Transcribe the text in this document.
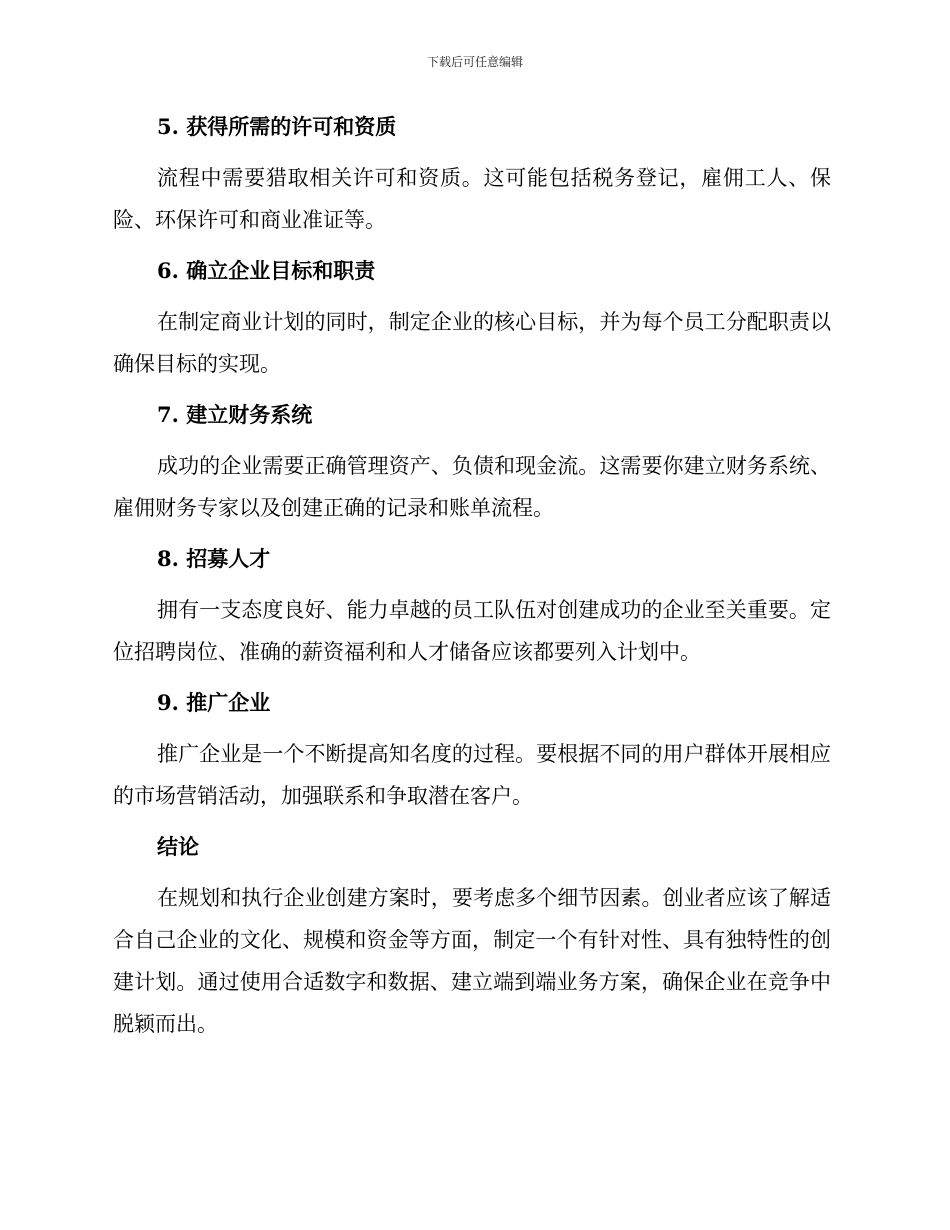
下载后可任意编辑
5. 获得所需的许可和资质

流程中需要猎取相关许可和资质。这可能包括税务登记，雇佣工人、保险、环保许可和商业准证等。

6. 确立企业目标和职责

在制定商业计划的同时，制定企业的核心目标，并为每个员工分配职责以确保目标的实现。

7. 建立财务系统

成功的企业需要正确管理资产、负债和现金流。这需要你建立财务系统、雇佣财务专家以及创建正确的记录和账单流程。

8. 招募人才

拥有一支态度良好、能力卓越的员工队伍对创建成功的企业至关重要。定位招聘岗位、准确的薪资福利和人才储备应该都要列入计划中。

9. 推广企业

推广企业是一个不断提高知名度的过程。要根据不同的用户群体开展相应的市场营销活动，加强联系和争取潜在客户。

结论

在规划和执行企业创建方案时，要考虑多个细节因素。创业者应该了解适合自己企业的文化、规模和资金等方面，制定一个有针对性、具有独特性的创建计划。通过使用合适数字和数据、建立端到端业务方案，确保企业在竞争中脱颖而出。
